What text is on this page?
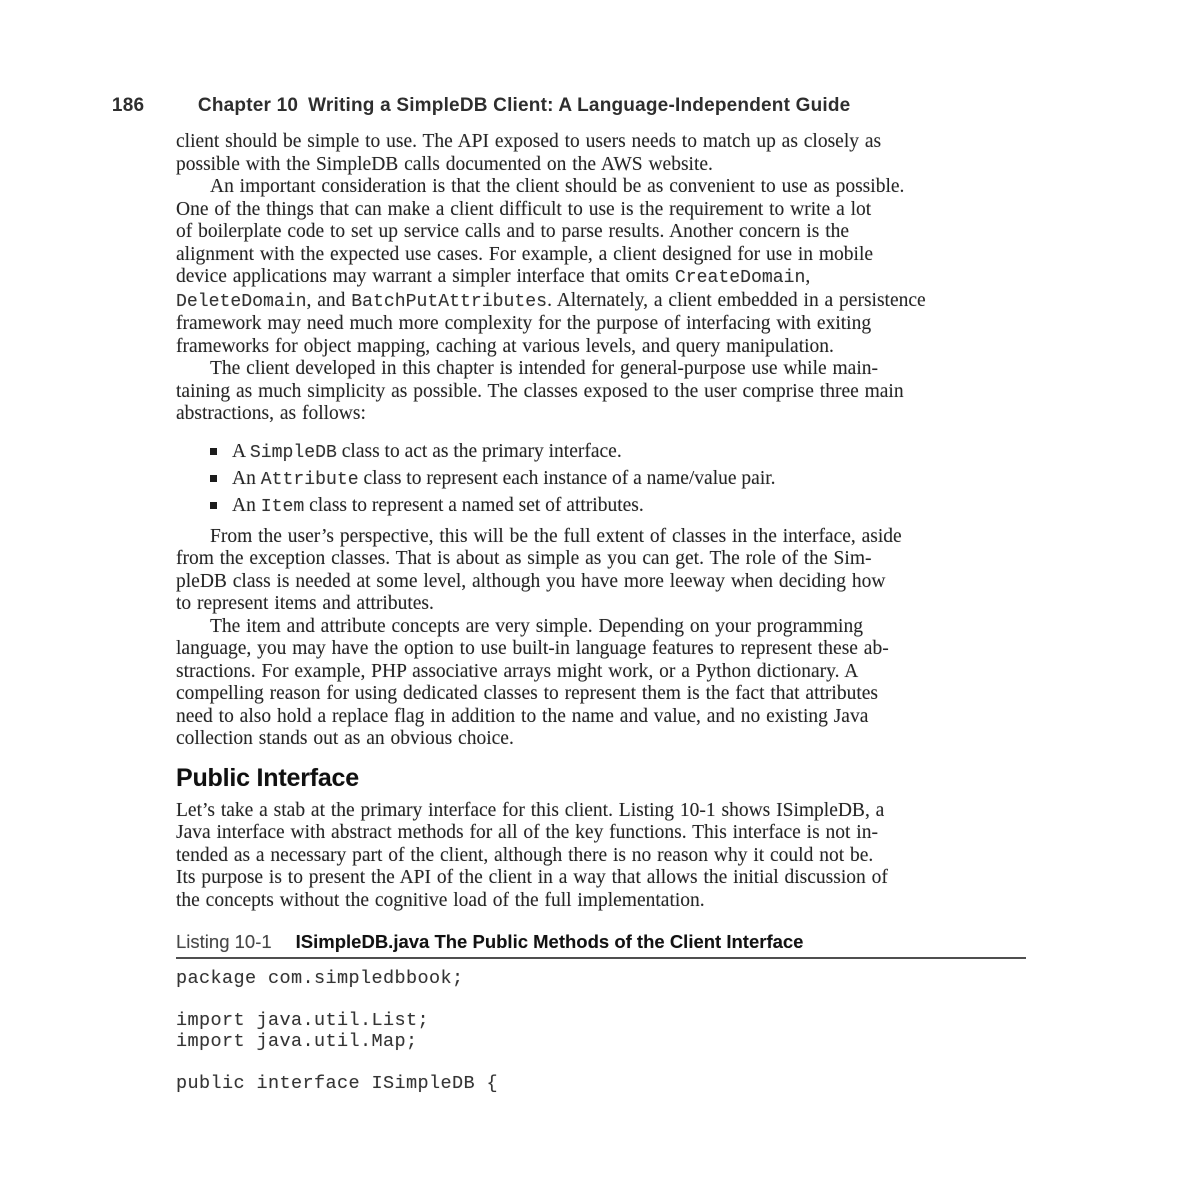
186	Chapter 10 Writing a SimpleDB Client: A Language-Independent Guide

client should be simple to use. The API exposed to users needs to match up as closely as
possible with the SimpleDB calls documented on the AWS website.
An important consideration is that the client should be as convenient to use as possible.
One of the things that can make a client difficult to use is the requirement to write a lot
of boilerplate code to set up service calls and to parse results. Another concern is the
alignment with the expected use cases. For example, a client designed for use in mobile
device applications may warrant a simpler interface that omits CreateDomain,
DeleteDomain, and BatchPutAttributes. Alternately, a client embedded in a persistence
framework may need much more complexity for the purpose of interfacing with exiting
frameworks for object mapping, caching at various levels, and query manipulation.
The client developed in this chapter is intended for general-purpose use while main-
taining as much simplicity as possible. The classes exposed to the user comprise three main
abstractions, as follows:
A SimpleDB class to act as the primary interface.
An Attribute class to represent each instance of a name/value pair.
An Item class to represent a named set of attributes.
From the user’s perspective, this will be the full extent of classes in the interface, aside
from the exception classes. That is about as simple as you can get. The role of the Sim-
pleDB class is needed at some level, although you have more leeway when deciding how
to represent items and attributes.
The item and attribute concepts are very simple. Depending on your programming
language, you may have the option to use built-in language features to represent these ab-
stractions. For example, PHP associative arrays might work, or a Python dictionary. A
compelling reason for using dedicated classes to represent them is the fact that attributes
need to also hold a replace flag in addition to the name and value, and no existing Java
collection stands out as an obvious choice.
Public Interface
Let’s take a stab at the primary interface for this client. Listing 10-1 shows ISimpleDB, a
Java interface with abstract methods for all of the key functions. This interface is not in-
tended as a necessary part of the client, although there is no reason why it could not be.
Its purpose is to present the API of the client in a way that allows the initial discussion of
the concepts without the cognitive load of the full implementation.
Listing 10-1 ISimpleDB.java The Public Methods of the Client Interface
package com.simpledbbook;

import java.util.List;
import java.util.Map;

public interface ISimpleDB {
